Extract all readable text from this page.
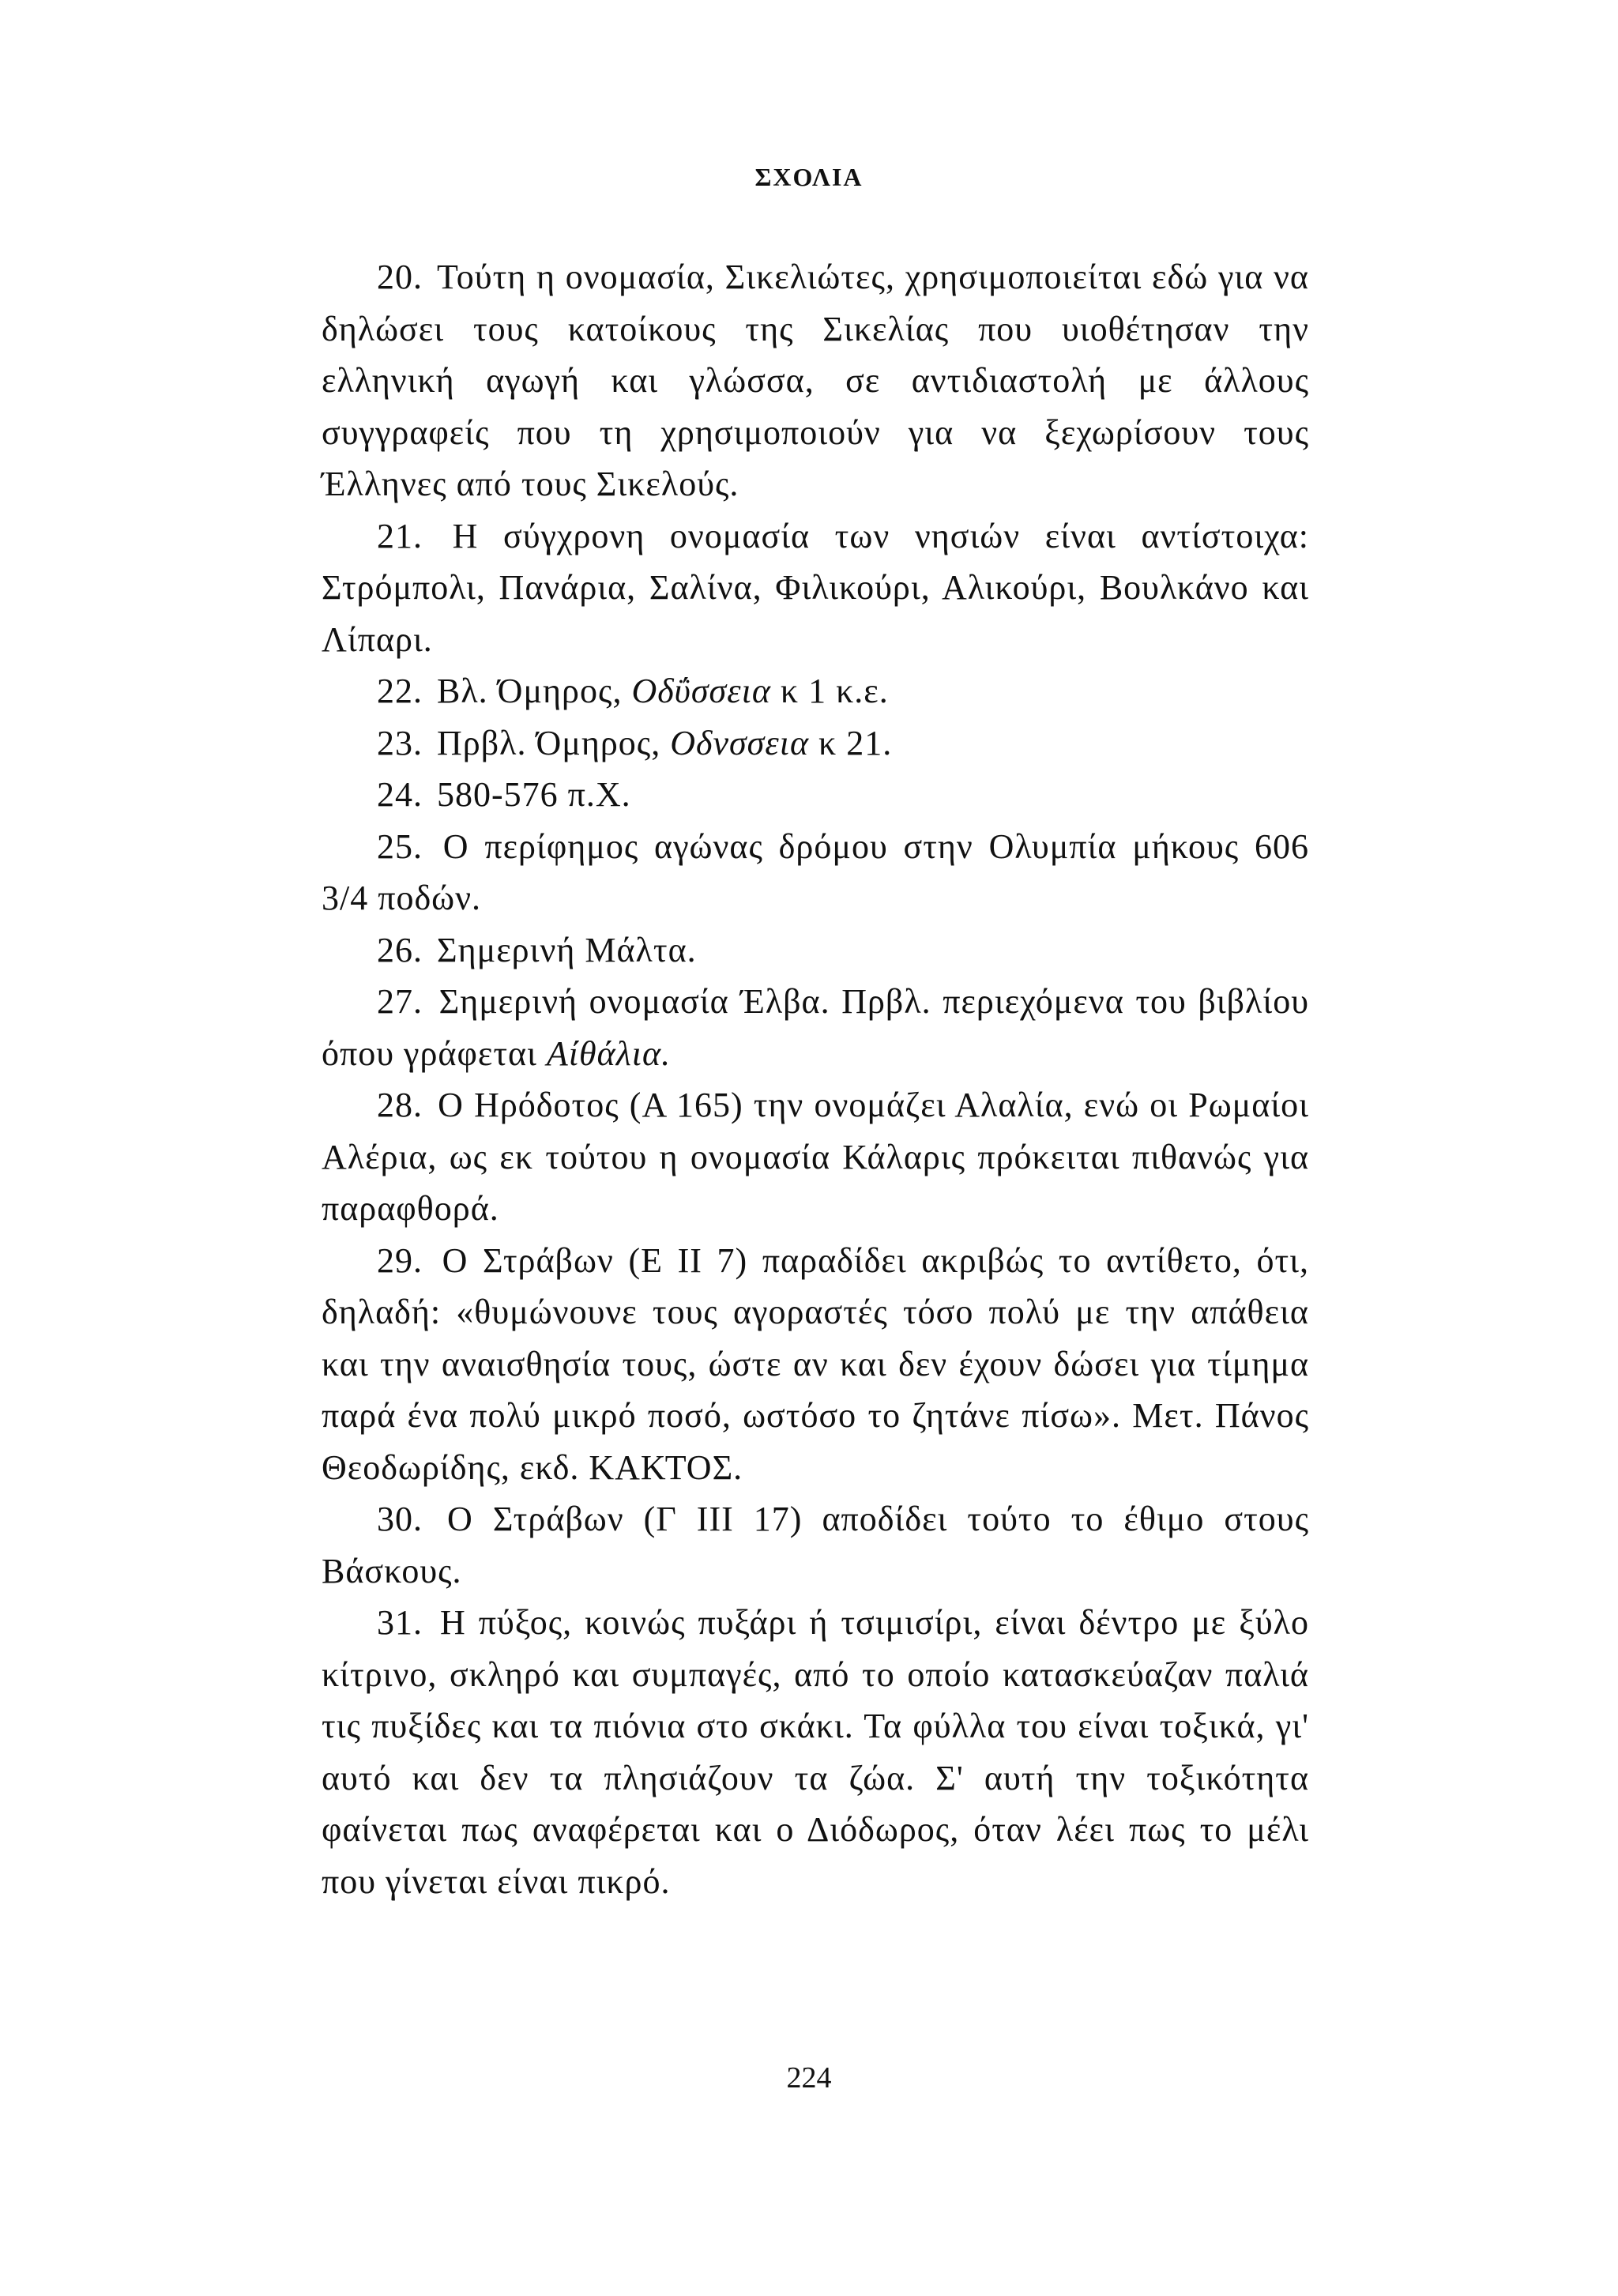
ΣΧΟΛΙΑ

20. Τούτη η ονομασία, Σικελιώτες, χρησιμοποιείται εδώ για να δηλώσει τους κατοίκους της Σικελίας που υιοθέτησαν την ελληνική αγωγή και γλώσσα, σε αντιδιαστολή με άλλους συγγραφείς που τη χρησιμοποιούν για να ξεχωρίσουν τους Έλληνες από τους Σικελούς.

21. Η σύγχρονη ονομασία των νησιών είναι αντίστοιχα: Στρόμπολι, Πανάρια, Σαλίνα, Φιλικούρι, Αλικούρι, Βουλκάνο και Λίπαρι.

22. Βλ. Όμηρος, Οδΰσσεια κ 1 κ.ε.

23. Πρβλ. Όμηρος, Οδνσσεια κ 21.

24. 580-576 π.Χ.

25. Ο περίφημος αγώνας δρόμου στην Ολυμπία μήκους 606 3/4 ποδών.

26. Σημερινή Μάλτα.

27. Σημερινή ονομασία Έλβα. Πρβλ. περιεχόμενα του βιβλίου όπου γράφεται Αίθάλια.

28. Ο Ηρόδοτος (Α 165) την ονομάζει Αλαλία, ενώ οι Ρωμαίοι Αλέρια, ως εκ τούτου η ονομασία Κάλαρις πρόκειται πιθανώς για παραφθορά.

29. Ο Στράβων (Ε II 7) παραδίδει ακριβώς το αντίθετο, ότι, δηλαδή: «θυμώνουνε τους αγοραστές τόσο πολύ με την απάθεια και την αναισθησία τους, ώστε αν και δεν έχουν δώσει για τίμημα παρά ένα πολύ μικρό ποσό, ωστόσο το ζητάνε πίσω». Μετ. Πάνος Θεοδωρίδης, εκδ. ΚΑΚΤΟΣ.

30. Ο Στράβων (Γ III 17) αποδίδει τούτο το έθιμο στους Βάσκους.

31. Η πύξος, κοινώς πυξάρι ή τσιμισίρι, είναι δέντρο με ξύλο κίτρινο, σκληρό και συμπαγές, από το οποίο κατασκεύαζαν παλιά τις πυξίδες και τα πιόνια στο σκάκι. Τα φύλλα του είναι τοξικά, γι' αυτό και δεν τα πλησιάζουν τα ζώα. Σ' αυτή την τοξικότητα φαίνεται πως αναφέρεται και ο Διόδωρος, όταν λέει πως το μέλι που γίνεται είναι πικρό.

224
